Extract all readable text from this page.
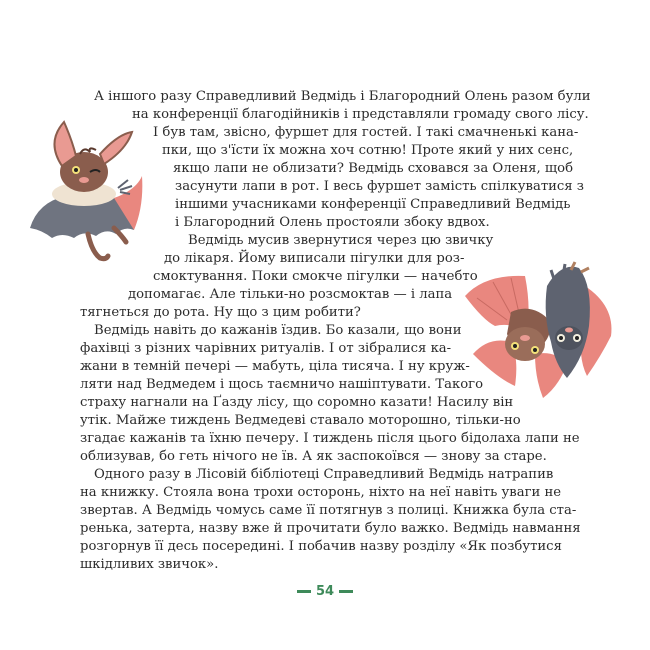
А іншого разу Справедливий Ведмідь і Благородний Олень разом були
на конференції благодійників і представляли громаду свого лісу.
І був там, звісно, фуршет для гостей. І такі смачненькі кана-
пки, що з'їсти їх можна хоч сотню! Проте який у них сенс,
якщо лапи не облизати? Ведмідь сховався за Оленя, щоб
засунути лапи в рот. І весь фуршет замість спілкуватися з
іншими учасниками конференції Справедливий Ведмідь
і Благородний Олень простояли збоку вдвох.
Ведмідь мусив звернутися через цю звичку
до лікаря. Йому виписали пігулки для роз-
смоктування. Поки смокче пігулки — начебто
допомагає. Але тільки-но розсмоктав — і лапа
тягнеться до рота. Ну що з цим робити?
Ведмідь навіть до кажанів їздив. Бо казали, що вони
фахівці з різних чарівних ритуалів. І от зібралися ка-
жани в темній печері — мабуть, ціла тисяча. І ну круж-
ляти над Ведмедем і щось таємничо нашіптувати. Такого
страху нагнали на Ґазду лісу, що соромно казати! Насилу він
утік. Майже тиждень Ведмедеві ставало моторошно, тільки-но
згадає кажанів та їхню печеру. І тиждень після цього бідолаха лапи не
облизував, бо геть нічого не їв. А як заспокоївся — знову за старе.
Одного разу в Лісовій бібліотеці Справедливий Ведмідь натрапив
на книжку. Стояла вона трохи осторонь, ніхто на неї навіть уваги не
звертав. А Ведмідь чомусь саме її потягнув з полиці. Книжка була ста-
ренька, затерта, назву вже й прочитати було важко. Ведмідь навмання
розгорнув її десь посередині. І побачив назву розділу «Як позбутися
шкідливих звичок».
54
